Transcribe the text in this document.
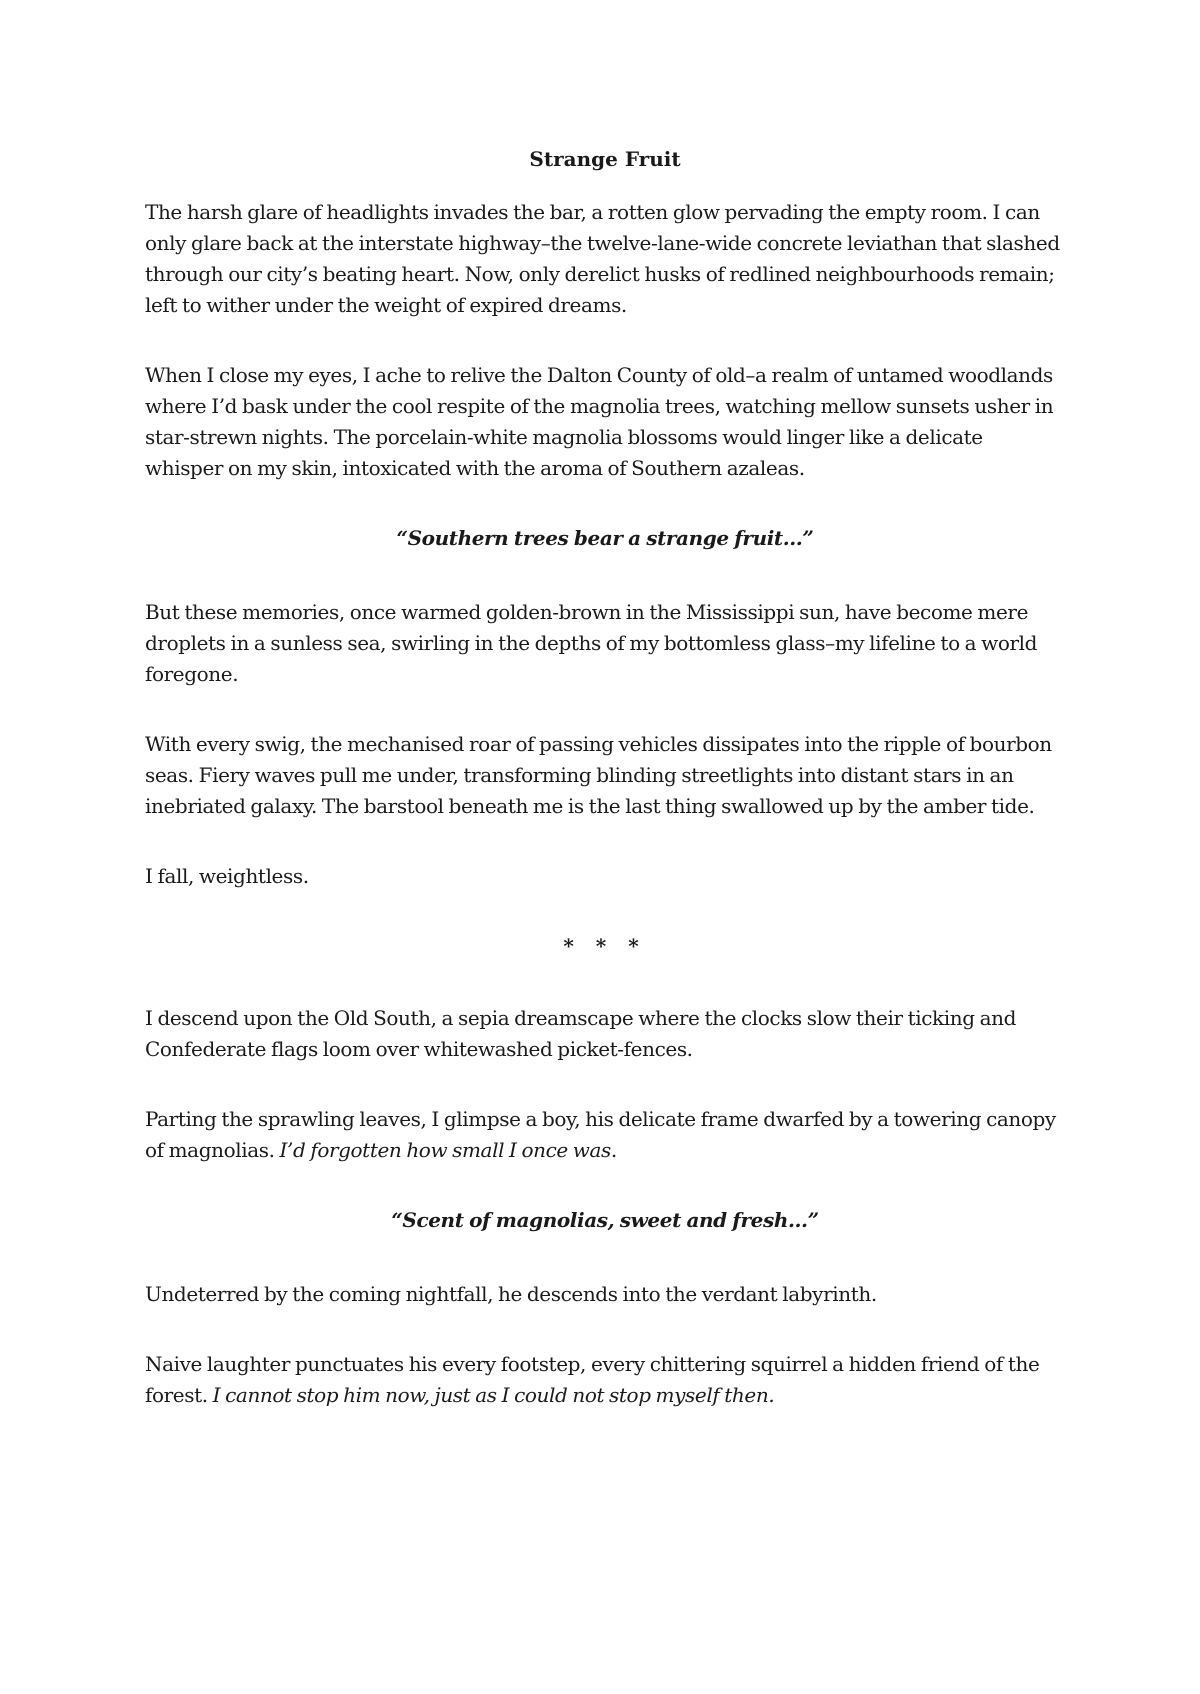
Strange Fruit

The harsh glare of headlights invades the bar, a rotten glow pervading the empty room. I can only glare back at the interstate highway–the twelve-lane-wide concrete leviathan that slashed through our city’s beating heart. Now, only derelict husks of redlined neighbourhoods remain; left to wither under the weight of expired dreams.

When I close my eyes, I ache to relive the Dalton County of old–a realm of untamed woodlands where I’d bask under the cool respite of the magnolia trees, watching mellow sunsets usher in star-strewn nights. The porcelain-white magnolia blossoms would linger like a delicate whisper on my skin, intoxicated with the aroma of Southern azaleas.

“Southern trees bear a strange fruit…”

But these memories, once warmed golden-brown in the Mississippi sun, have become mere droplets in a sunless sea, swirling in the depths of my bottomless glass–my lifeline to a world foregone.

With every swig, the mechanised roar of passing vehicles dissipates into the ripple of bourbon seas. Fiery waves pull me under, transforming blinding streetlights into distant stars in an inebriated galaxy. The barstool beneath me is the last thing swallowed up by the amber tide.

I fall, weightless.

* * *

I descend upon the Old South, a sepia dreamscape where the clocks slow their ticking and Confederate flags loom over whitewashed picket-fences.

Parting the sprawling leaves, I glimpse a boy, his delicate frame dwarfed by a towering canopy of magnolias. I’d forgotten how small I once was.

“Scent of magnolias, sweet and fresh…”

Undeterred by the coming nightfall, he descends into the verdant labyrinth.

Naive laughter punctuates his every footstep, every chittering squirrel a hidden friend of the forest. I cannot stop him now, just as I could not stop myself then.
